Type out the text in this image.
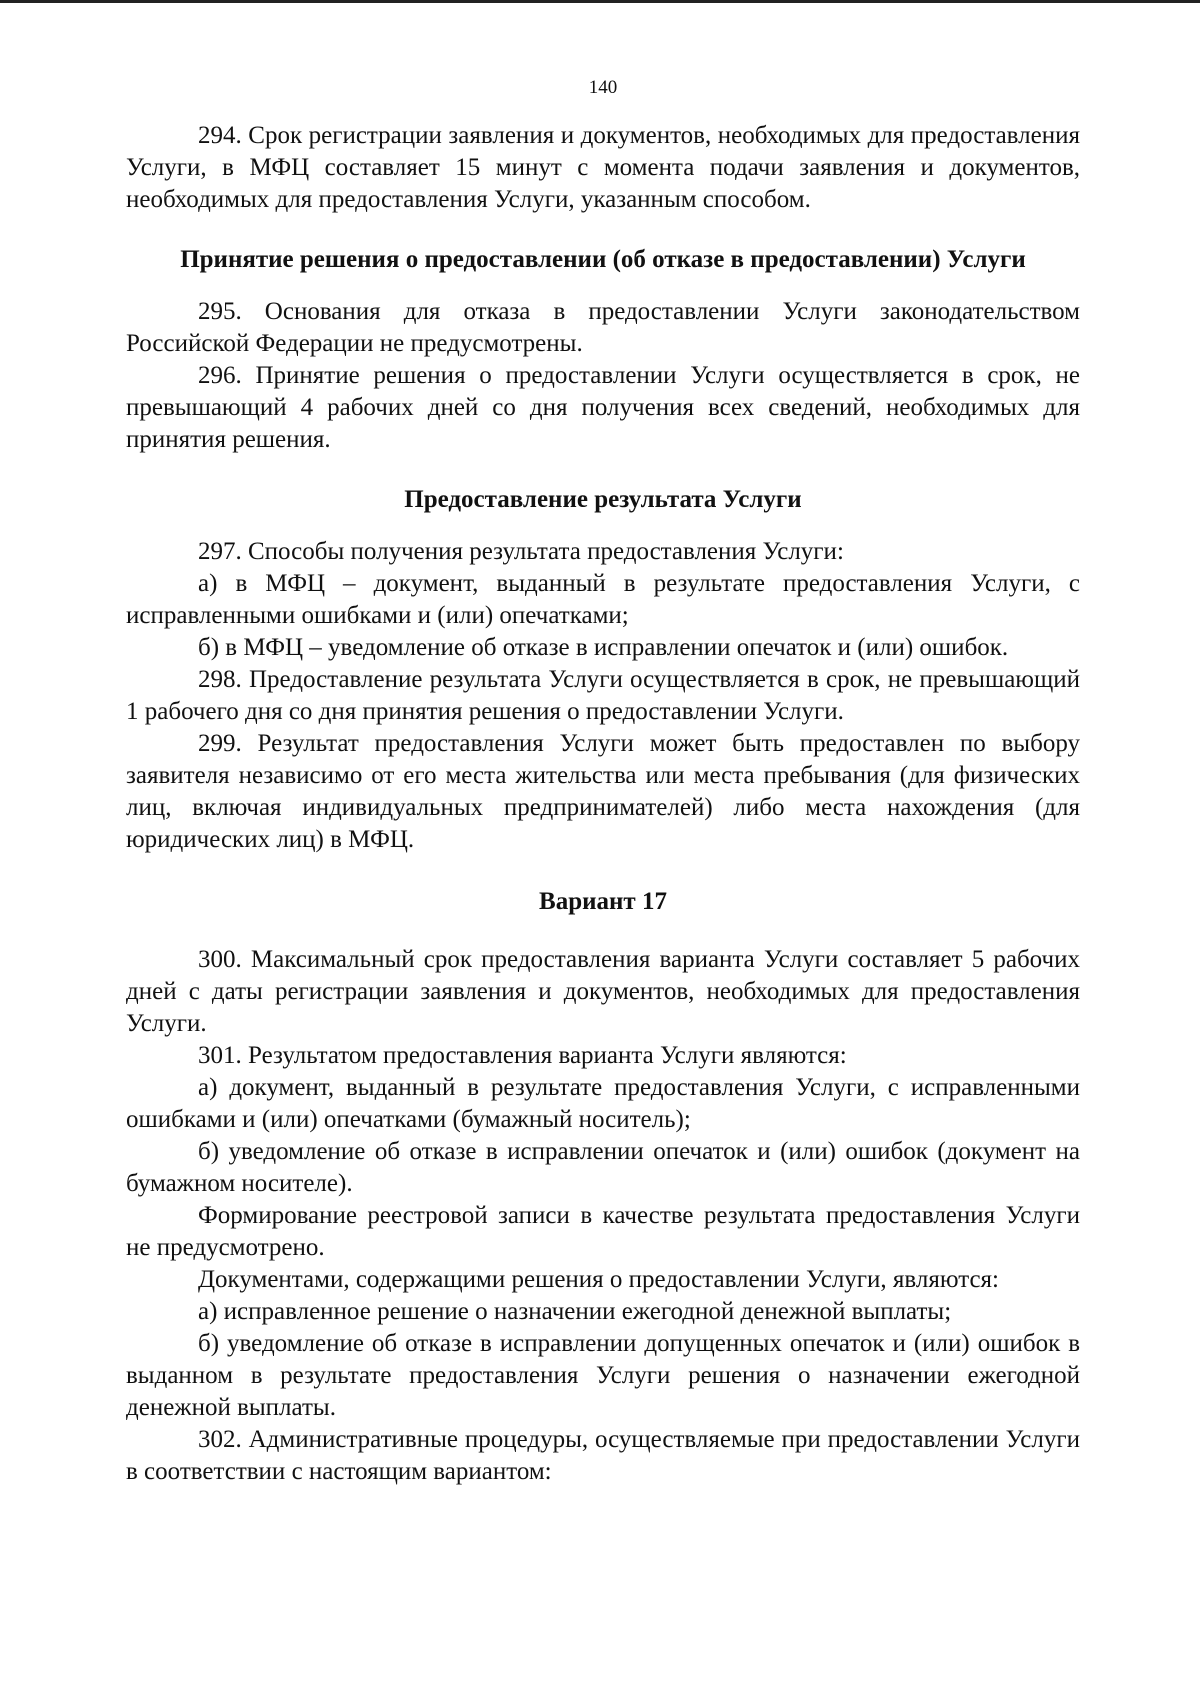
140

294. Срок регистрации заявления и документов, необходимых для предоставления Услуги, в МФЦ составляет 15 минут с момента подачи заявления и документов, необходимых для предоставления Услуги, указанным способом.

Принятие решения о предоставлении (об отказе в предоставлении) Услуги

295. Основания для отказа в предоставлении Услуги законодательством Российской Федерации не предусмотрены.

296. Принятие решения о предоставлении Услуги осуществляется в срок, не превышающий 4 рабочих дней со дня получения всех сведений, необходимых для принятия решения.

Предоставление результата Услуги

297. Способы получения результата предоставления Услуги:

а) в МФЦ – документ, выданный в результате предоставления Услуги, с исправленными ошибками и (или) опечатками;

б) в МФЦ – уведомление об отказе в исправлении опечаток и (или) ошибок.

298. Предоставление результата Услуги осуществляется в срок, не превышающий 1 рабочего дня со дня принятия решения о предоставлении Услуги.

299. Результат предоставления Услуги может быть предоставлен по выбору заявителя независимо от его места жительства или места пребывания (для физических лиц, включая индивидуальных предпринимателей) либо места нахождения (для юридических лиц) в МФЦ.

Вариант 17

300. Максимальный срок предоставления варианта Услуги составляет 5 рабочих дней с даты регистрации заявления и документов, необходимых для предоставления Услуги.

301. Результатом предоставления варианта Услуги являются:

а) документ, выданный в результате предоставления Услуги, с исправленными ошибками и (или) опечатками (бумажный носитель);

б) уведомление об отказе в исправлении опечаток и (или) ошибок (документ на бумажном носителе).

Формирование реестровой записи в качестве результата предоставления Услуги не предусмотрено.

Документами, содержащими решения о предоставлении Услуги, являются:

а) исправленное решение о назначении ежегодной денежной выплаты;

б) уведомление об отказе в исправлении допущенных опечаток и (или) ошибок в выданном в результате предоставления Услуги решения о назначении ежегодной денежной выплаты.

302. Административные процедуры, осуществляемые при предоставлении Услуги в соответствии с настоящим вариантом:
